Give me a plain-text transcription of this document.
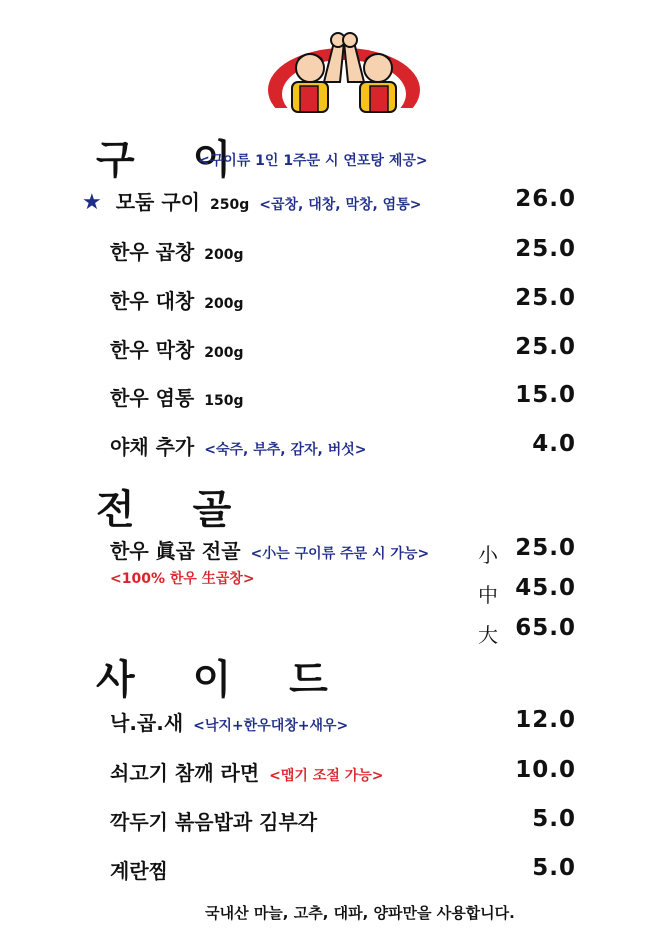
구 이
<구이류 1인 1주문 시 연포탕 제공>
★ 모둠 구이 250g <곱창, 대창, 막창, 염통>	26.0
한우 곱창 200g	25.0
한우 대창 200g	25.0
한우 막창 200g	25.0
한우 염통 150g	15.0
야채 추가 <숙주, 부추, 감자, 버섯>	4.0
전 골
한우 眞곱 전골 <小는 구이류 주문 시 가능> 小 25.0
<100% 한우 生곱창>
中 45.0
大 65.0
사 이 드
낙.곱.새 <낙지+한우대창+새우>	12.0
쇠고기 참깨 라면 <맵기 조절 가능>	10.0
깍두기 볶음밥과 김부각	5.0
계란찜	5.0
국내산 마늘, 고추, 대파, 양파만을 사용합니다.
